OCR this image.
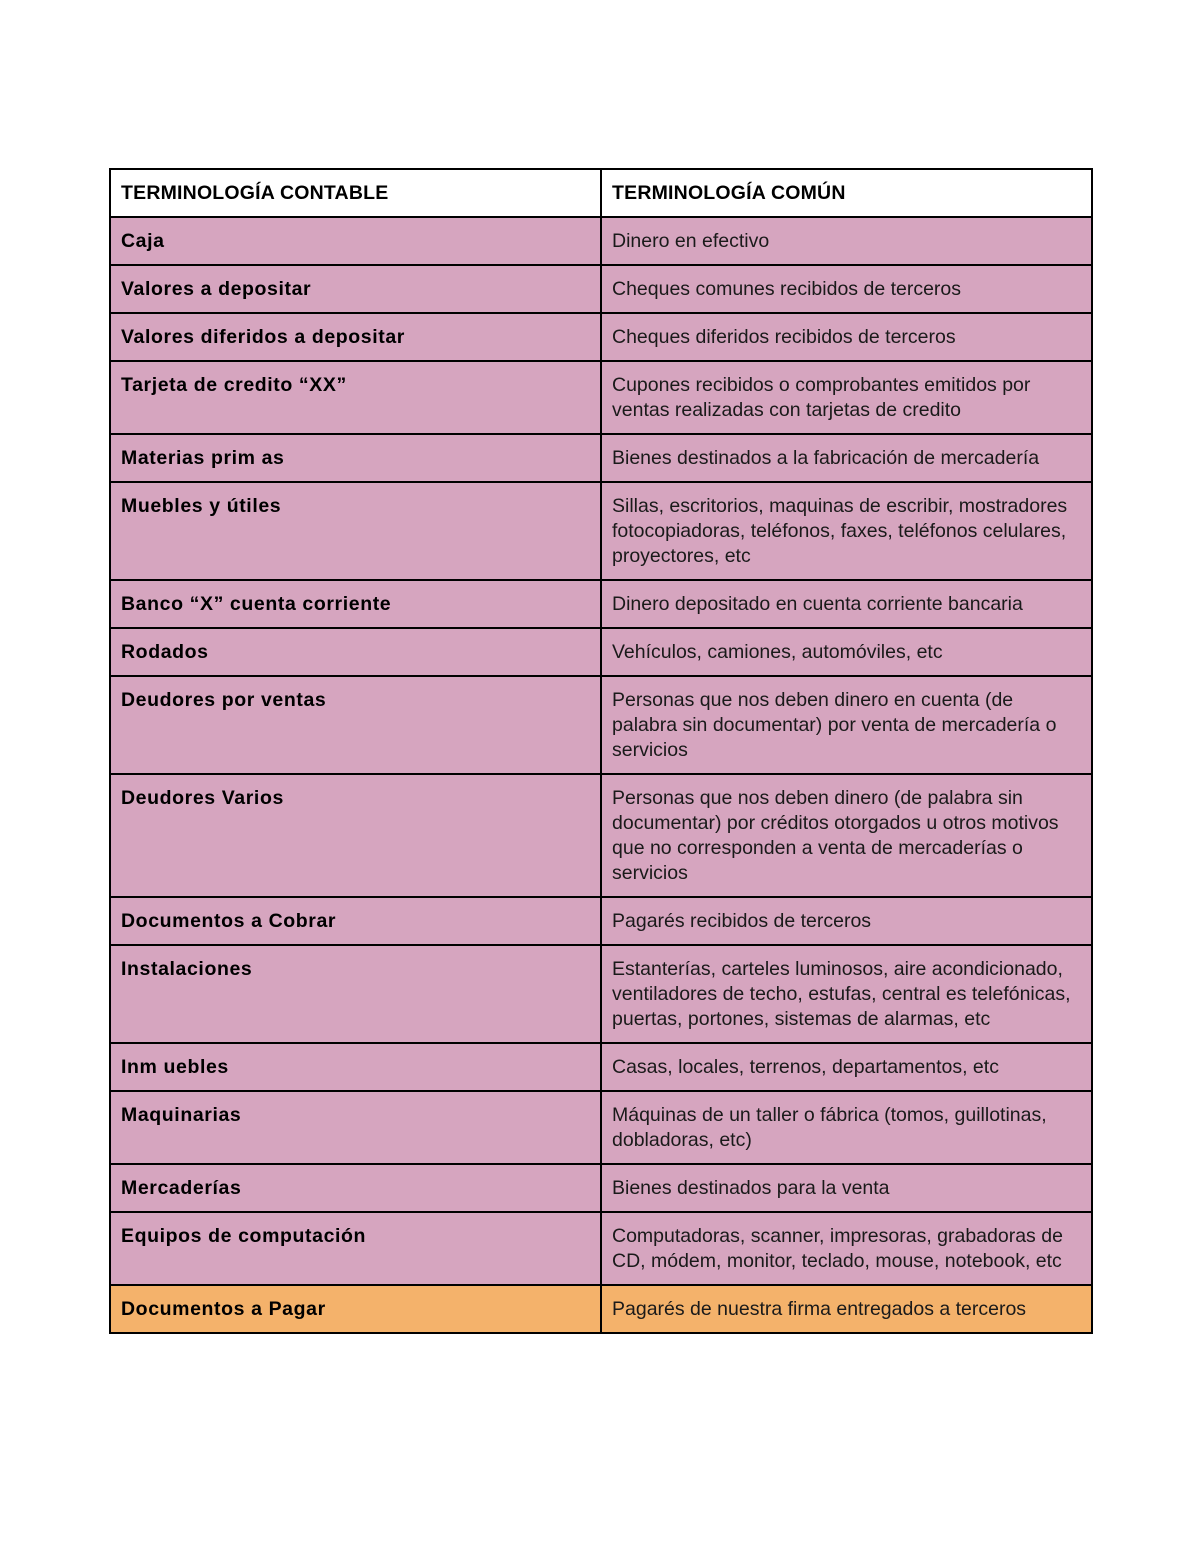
TERMINOLOGÍA CONTABLE	TERMINOLOGÍA COMÚN
Caja	Dinero en efectivo
Valores a depositar	Cheques comunes recibidos de terceros
Valores diferidos a depositar	Cheques diferidos recibidos de terceros
Tarjeta de credito “XX”	Cupones recibidos o comprobantes emitidos por ventas realizadas con tarjetas de credito
Materias prim as	Bienes destinados a la fabricación de mercadería
Muebles y útiles	Sillas, escritorios, maquinas de escribir, mostradores fotocopiadoras, teléfonos, faxes, teléfonos celulares, proyectores, etc
Banco “X” cuenta corriente	Dinero depositado en cuenta corriente bancaria
Rodados	Vehículos, camiones, automóviles, etc
Deudores por ventas	Personas que nos deben dinero en cuenta (de palabra sin documentar) por venta de mercadería o servicios
Deudores Varios	Personas que nos deben dinero (de palabra sin documentar) por créditos otorgados u otros motivos que no corresponden a venta de mercaderías o servicios
Documentos a Cobrar	Pagarés recibidos de terceros
Instalaciones	Estanterías, carteles luminosos, aire acondicionado, ventiladores de techo, estufas, central es telefónicas, puertas, portones, sistemas de alarmas, etc
Inm uebles	Casas, locales, terrenos, departamentos, etc
Maquinarias	Máquinas de un taller o fábrica (tomos, guillotinas, dobladoras, etc)
Mercaderías	Bienes destinados para la venta
Equipos de computación	Computadoras, scanner, impresoras, grabadoras de CD, módem, monitor, teclado, mouse, notebook, etc
Documentos a Pagar	Pagarés de nuestra firma entregados a terceros
